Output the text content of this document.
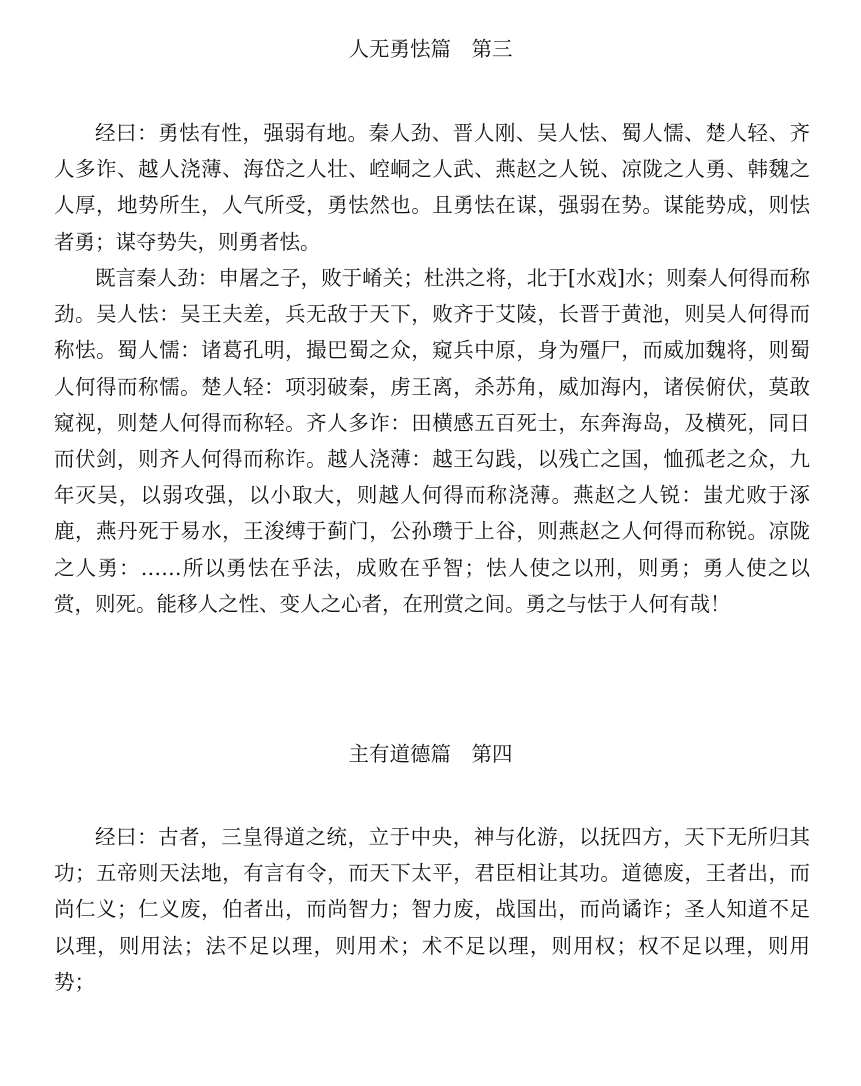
人无勇怯篇　第三

经曰：勇怯有性，强弱有地。秦人劲、晋人刚、吴人怯、蜀人懦、楚人轻、齐人多诈、越人浇薄、海岱之人壮、崆峒之人武、燕赵之人锐、凉陇之人勇、韩魏之人厚，地势所生，人气所受，勇怯然也。且勇怯在谋，强弱在势。谋能势成，则怯者勇；谋夺势失，则勇者怯。

既言秦人劲：申屠之子，败于崤关；杜洪之将，北于[水戏]水；则秦人何得而称劲。吴人怯：吴王夫差，兵无敌于天下，败齐于艾陵，长晋于黄池，则吴人何得而称怯。蜀人懦：诸葛孔明，撮巴蜀之众，窥兵中原，身为殭尸，而威加魏将，则蜀人何得而称懦。楚人轻：项羽破秦，虏王离，杀苏角，威加海内，诸侯俯伏，莫敢窥视，则楚人何得而称轻。齐人多诈：田横感五百死士，东奔海岛，及横死，同日而伏剑，则齐人何得而称诈。越人浇薄：越王勾践，以残亡之国，恤孤老之众，九年灭吴，以弱攻强，以小取大，则越人何得而称浇薄。燕赵之人锐：蚩尤败于涿鹿，燕丹死于易水，王浚缚于蓟门，公孙瓒于上谷，则燕赵之人何得而称锐。凉陇之人勇：……所以勇怯在乎法，成败在乎智；怯人使之以刑，则勇；勇人使之以赏，则死。能移人之性、变人之心者，在刑赏之间。勇之与怯于人何有哉！

主有道德篇　第四

经曰：古者，三皇得道之统，立于中央，神与化游，以抚四方，天下无所归其功；五帝则天法地，有言有令，而天下太平，君臣相让其功。道德废，王者出，而尚仁义；仁义废，伯者出，而尚智力；智力废，战国出，而尚谲诈；圣人知道不足以理，则用法；法不足以理，则用术；术不足以理，则用权；权不足以理，则用势；
